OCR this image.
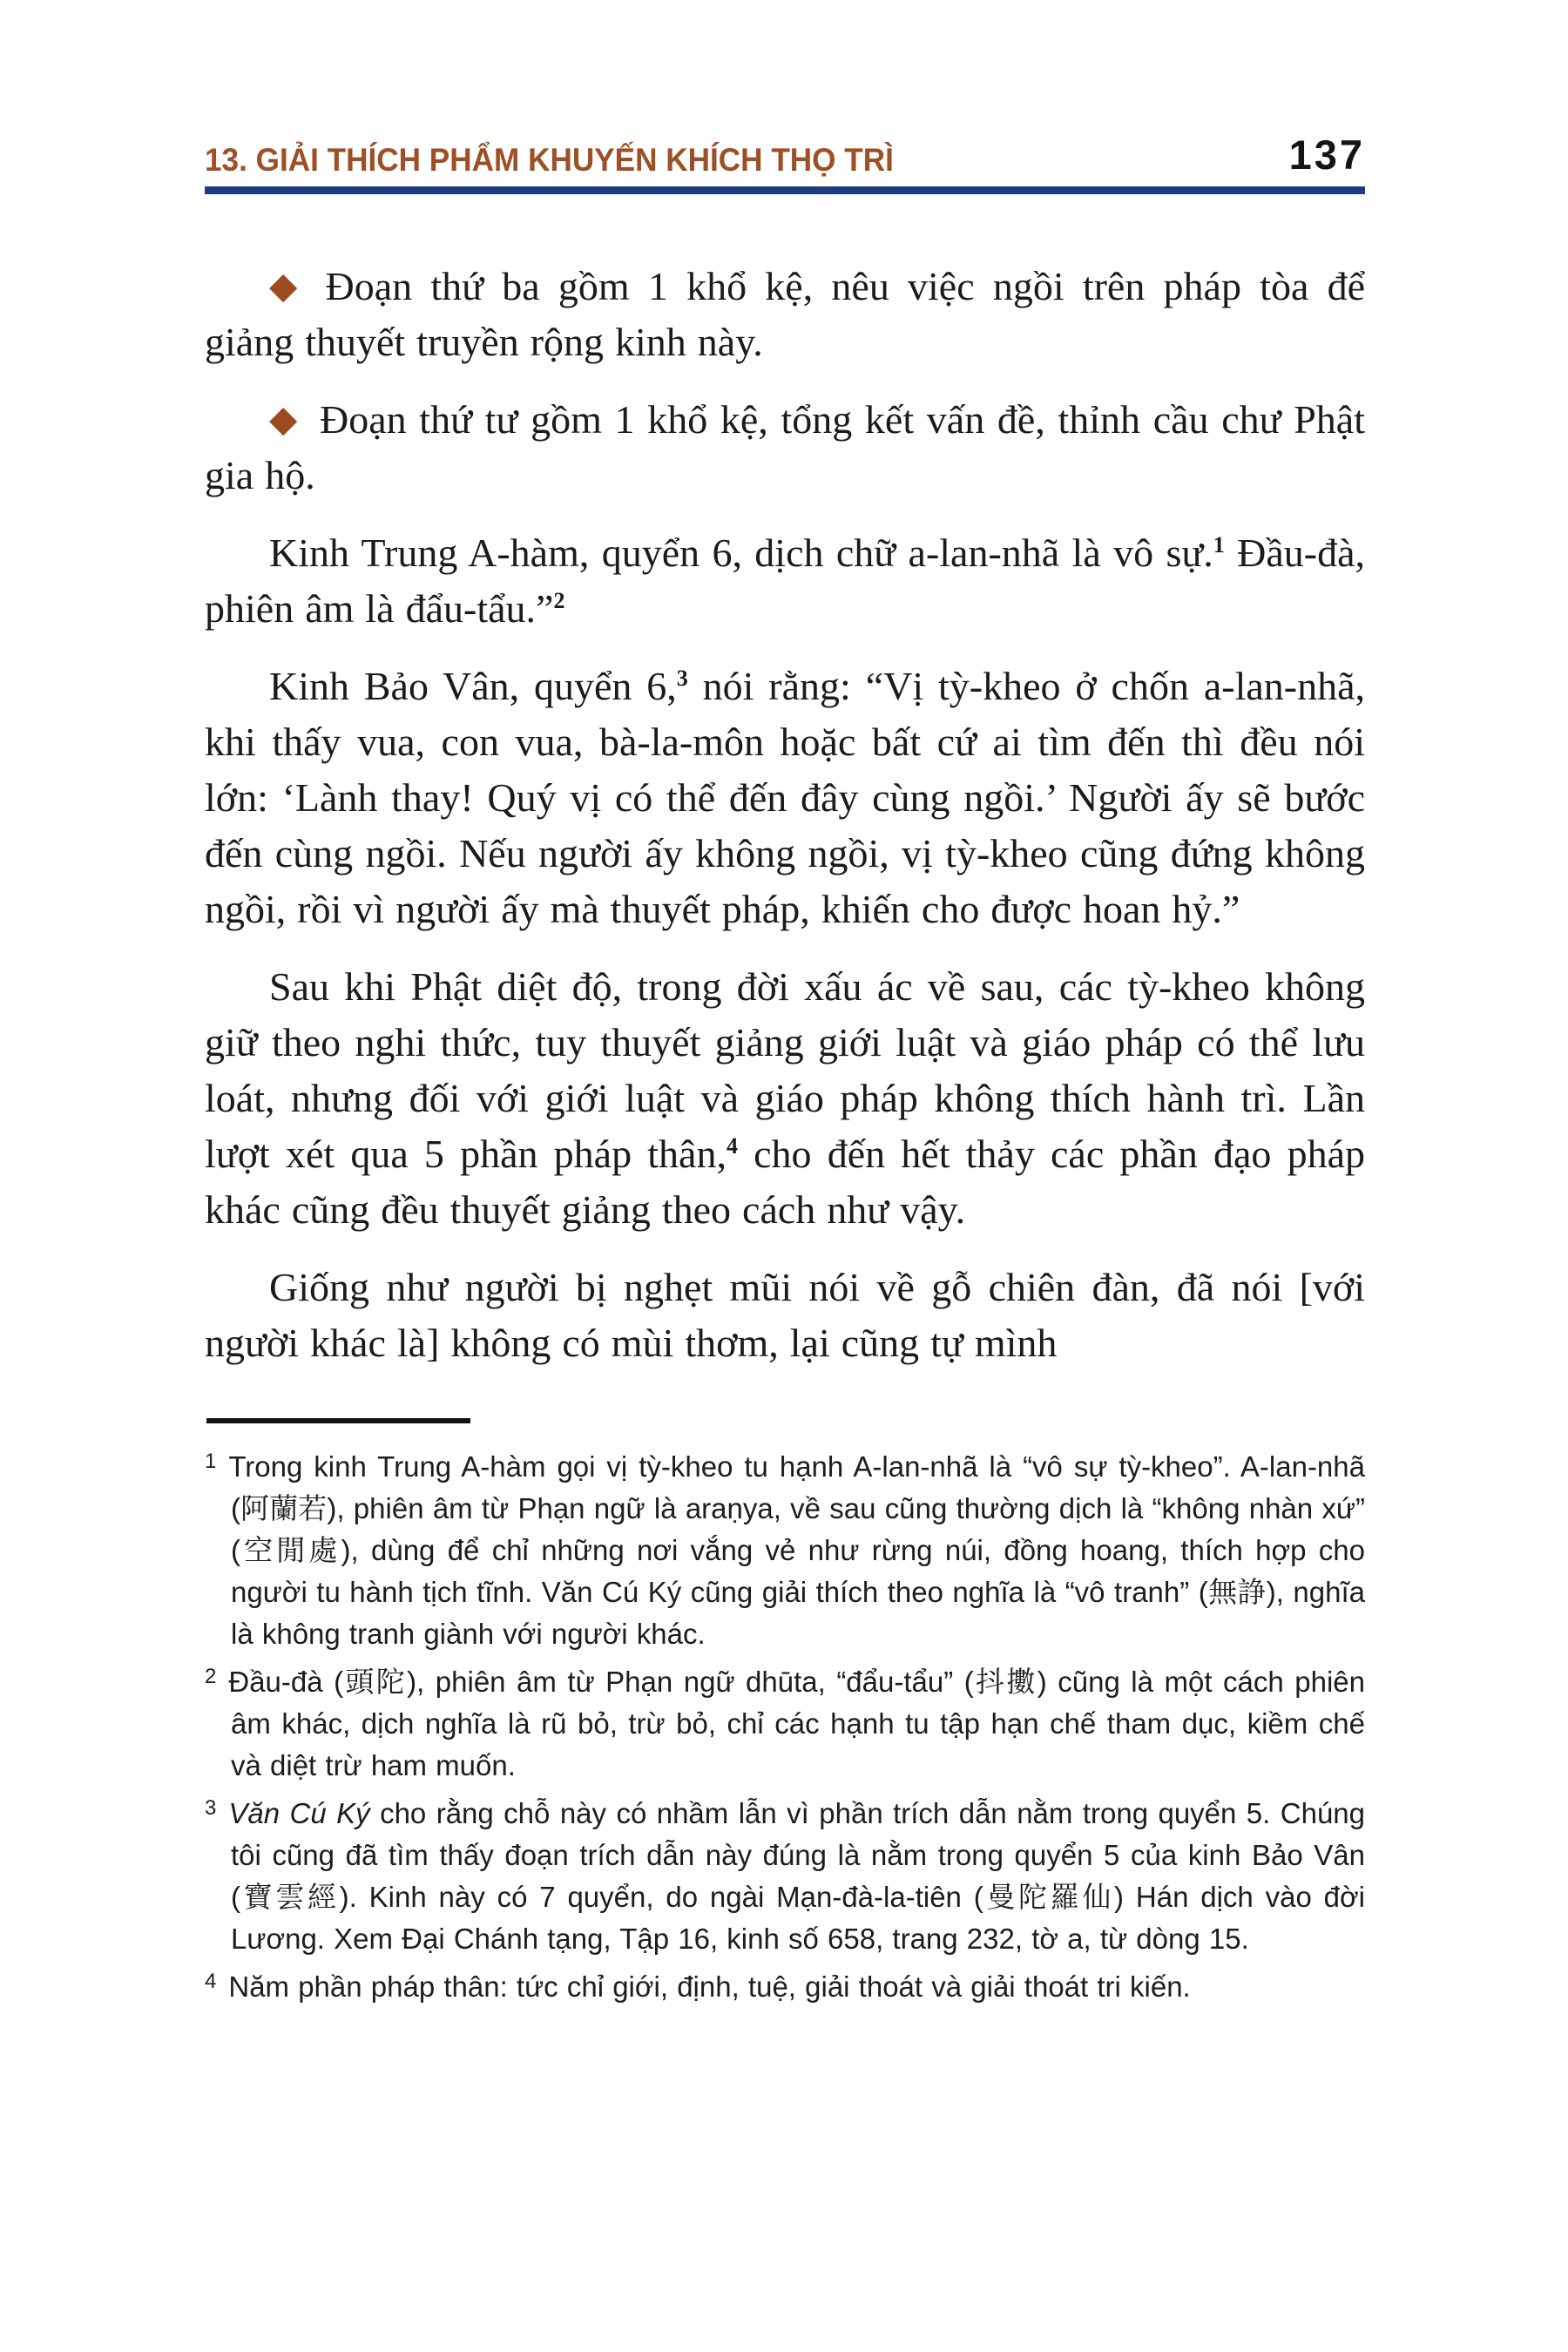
13. GIẢI THÍCH PHẨM KHUYẾN KHÍCH THỌ TRÌ	137
◆ Đoạn thứ ba gồm 1 khổ kệ, nêu việc ngồi trên pháp tòa để giảng thuyết truyền rộng kinh này.
◆ Đoạn thứ tư gồm 1 khổ kệ, tổng kết vấn đề, thỉnh cầu chư Phật gia hộ.
Kinh Trung A-hàm, quyển 6, dịch chữ a-lan-nhã là vô sự.$^1$ Đầu-đà, phiên âm là đẩu-tẩu.”$^2$
Kinh Bảo Vân, quyển 6,$^3$ nói rằng: “Vị tỳ-kheo ở chốn a-lan-nhã, khi thấy vua, con vua, bà-la-môn hoặc bất cứ ai tìm đến thì đều nói lớn: ‘Lành thay! Quý vị có thể đến đây cùng ngồi.’ Người ấy sẽ bước đến cùng ngồi. Nếu người ấy không ngồi, vị tỳ-kheo cũng đứng không ngồi, rồi vì người ấy mà thuyết pháp, khiến cho được hoan hỷ.”
Sau khi Phật diệt độ, trong đời xấu ác về sau, các tỳ-kheo không giữ theo nghi thức, tuy thuyết giảng giới luật và giáo pháp có thể lưu loát, nhưng đối với giới luật và giáo pháp không thích hành trì. Lần lượt xét qua 5 phần pháp thân,$^4$ cho đến hết thảy các phần đạo pháp khác cũng đều thuyết giảng theo cách như vậy.
Giống như người bị nghẹt mũi nói về gỗ chiên đàn, đã nói [với người khác là] không có mùi thơm, lại cũng tự mình
$^1$ Trong kinh Trung A-hàm gọi vị tỳ-kheo tu hạnh A-lan-nhã là “vô sự tỳ-kheo”. A-lan-nhã (阿蘭若), phiên âm từ Phạn ngữ là araṇya, về sau cũng thường dịch là “không nhàn xứ” (空閒處), dùng để chỉ những nơi vắng vẻ như rừng núi, đồng hoang, thích hợp cho người tu hành tịch tĩnh. Văn Cú Ký cũng giải thích theo nghĩa là “vô tranh” (無諍), nghĩa là không tranh giành với người khác.
$^2$ Đầu-đà (頭陀), phiên âm từ Phạn ngữ dhūta, “đẩu-tẩu” (抖擻) cũng là một cách phiên âm khác, dịch nghĩa là rũ bỏ, trừ bỏ, chỉ các hạnh tu tập hạn chế tham dục, kiềm chế và diệt trừ ham muốn.
$^3$ Văn Cú Ký cho rằng chỗ này có nhầm lẫn vì phần trích dẫn nằm trong quyển 5. Chúng tôi cũng đã tìm thấy đoạn trích dẫn này đúng là nằm trong quyển 5 của kinh Bảo Vân (寶雲經). Kinh này có 7 quyển, do ngài Mạn-đà-la-tiên (曼陀羅仙) Hán dịch vào đời Lương. Xem Đại Chánh tạng, Tập 16, kinh số 658, trang 232, tờ a, từ dòng 15.
$^4$ Năm phần pháp thân: tức chỉ giới, định, tuệ, giải thoát và giải thoát tri kiến.
